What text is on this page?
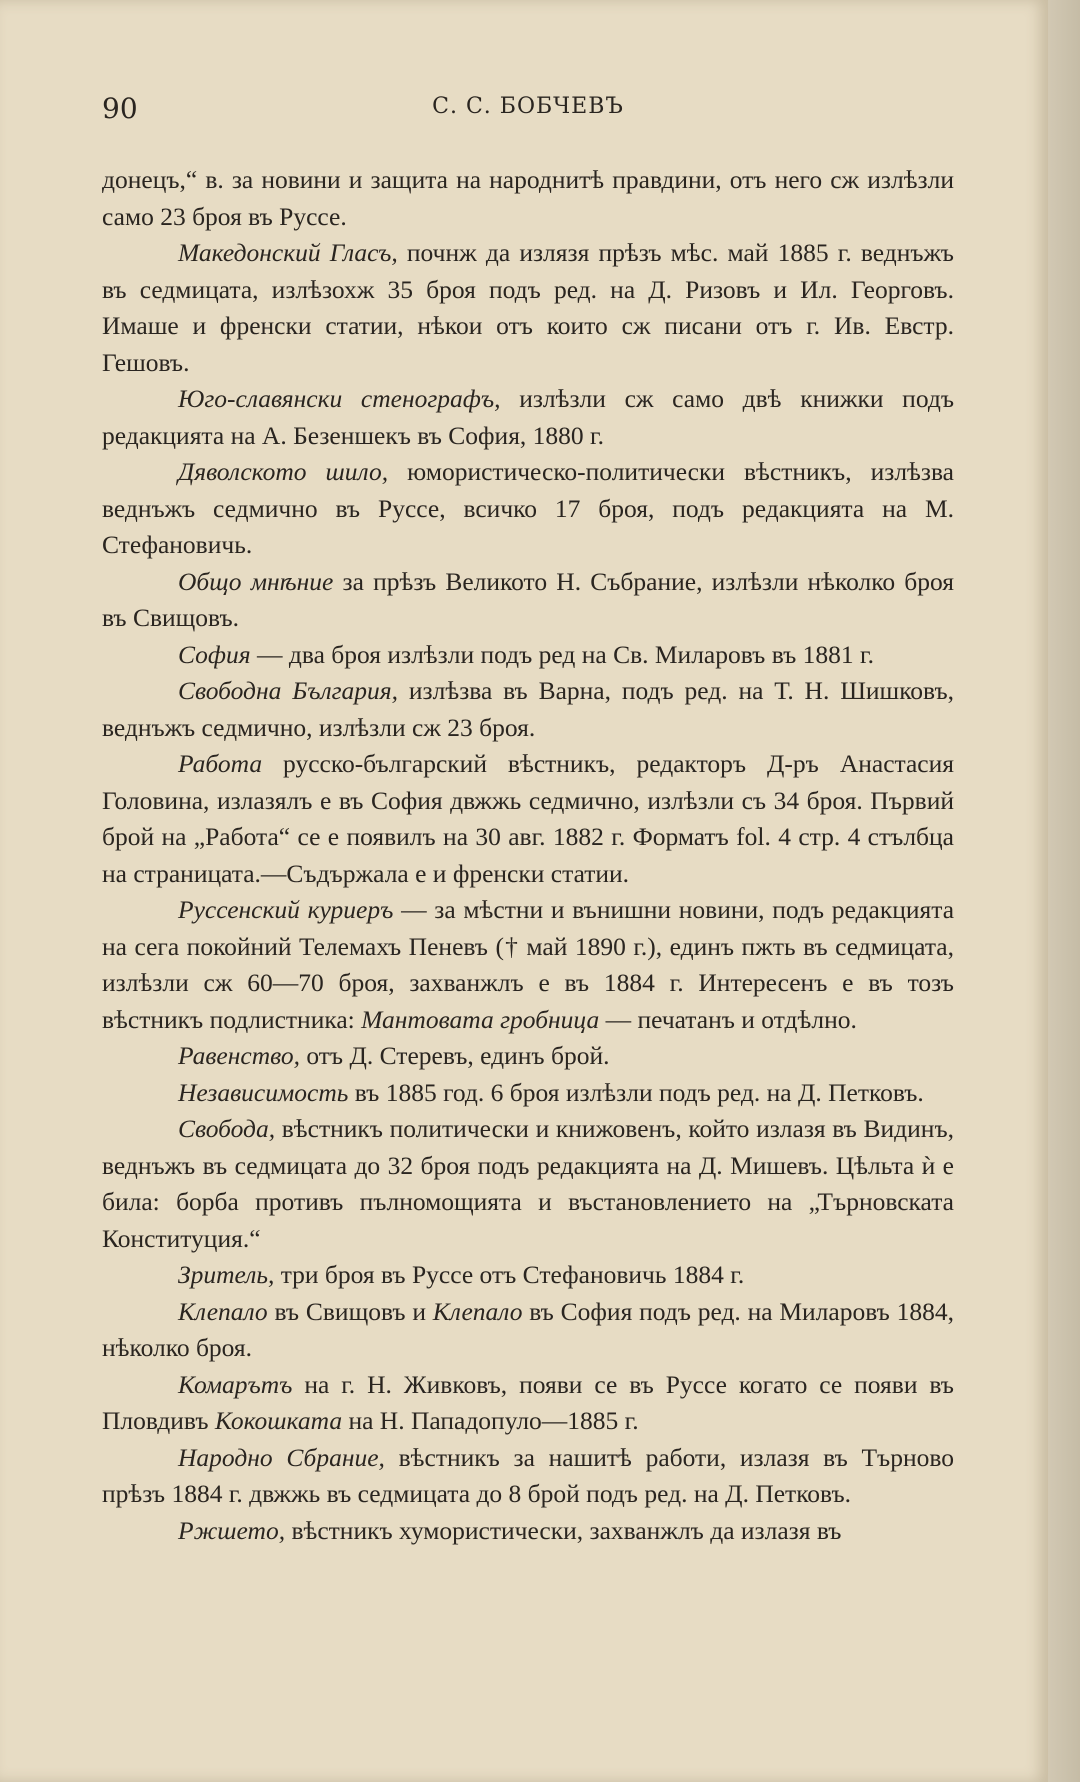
90	С. С. БОБЧЕВЪ

донецъ,“ в. за новини и защита на народнитѣ правдини, отъ него сж излѣзли само 23 броя въ Руссе.

Македонский Гласъ, почнж да излязя прѣзъ мѣс. май 1885 г. веднъжъ въ седмицата, излѣзохж 35 броя подъ ред. на Д. Ризовъ и Ил. Георговъ. Имаше и френски статии, нѣкои отъ които сж писани отъ г. Ив. Евстр. Гешовъ.

Юго-славянски стенографъ, излѣзли сж само двѣ книжки подъ редакцията на А. Безеншекъ въ София, 1880 г.

Дяволското шило, юмористическо-политически вѣстникъ, излѣзва веднъжъ седмично въ Руссе, всичко 17 броя, подъ редакцията на М. Стефановичь.

Общо мнѣние за прѣзъ Великото Н. Събрание, излѣзли нѣколко броя въ Свищовъ.

София — два броя излѣзли подъ ред на Св. Миларовъ въ 1881 г.

Свободна България, излѣзва въ Варна, подъ ред. на Т. Н. Шишковъ, веднъжъ седмично, излѣзли сж 23 броя.

Работа русско-българский вѣстникъ, редакторъ Д-ръ Анастасия Головина, излазялъ е въ София двжжь седмично, излѣзли съ 34 броя. Първий брой на „Работа“ се е появилъ на 30 авг. 1882 г. Форматъ fol. 4 стр. 4 стълбца на страницата.—Съдържала е и френски статии.

Руссенский куриеръ — за мѣстни и вънишни новини, подъ редакцията на сега покойний Телемахъ Пеневъ († май 1890 г.), единъ пжть въ седмицата, излѣзли сж 60—70 броя, захванжлъ е въ 1884 г. Интересенъ е въ тозъ вѣстникъ подлистника: Мантовата гробница — печатанъ и отдѣлно.

Равенство, отъ Д. Стеревъ, единъ брой.

Независимость въ 1885 год. 6 броя излѣзли подъ ред. на Д. Петковъ.

Свобода, вѣстникъ политически и книжовенъ, който излазя въ Видинъ, веднъжъ въ седмицата до 32 броя подъ редакцията на Д. Мишевъ. Цѣльта ѝ е била: борба противъ пълномощията и въстановлението на „Търновската Конституция.“

Зритель, три броя въ Руссе отъ Стефановичь 1884 г.

Клепало въ Свищовъ и Клепало въ София подъ ред. на Миларовъ 1884, нѣколко броя.

Комарътъ на г. Н. Живковъ, появи се въ Руссе когато се появи въ Пловдивъ Кокошката на Н. Пападопуло—1885 г.

Народно Сбрание, вѣстникъ за нашитѣ работи, излазя въ Търново прѣзъ 1884 г. двжжь въ седмицата до 8 брой подъ ред. на Д. Петковъ.

Ржшето, вѣстникъ хумористически, захванжлъ да излазя въ
